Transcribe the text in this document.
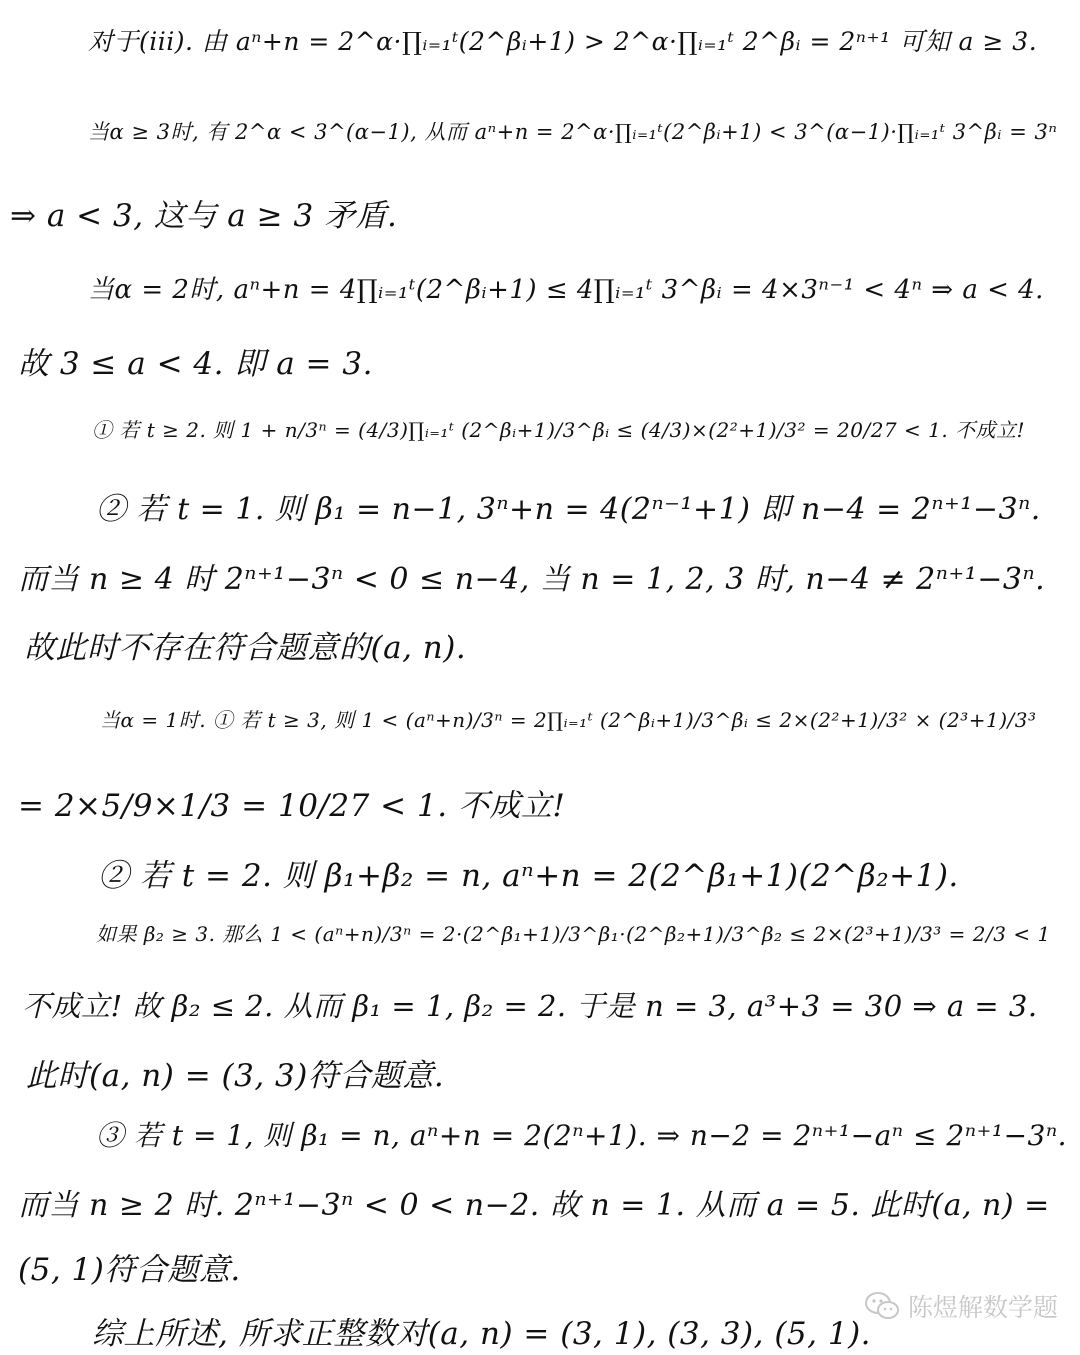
对于(iii). 由 aⁿ+n = 2^α·∏ᵢ₌₁ᵗ(2^βᵢ+1) > 2^α·∏ᵢ₌₁ᵗ 2^βᵢ = 2ⁿ⁺¹ 可知 a ≥ 3.
当α ≥ 3时, 有 2^α < 3^(α−1), 从而 aⁿ+n = 2^α·∏ᵢ₌₁ᵗ(2^βᵢ+1) < 3^(α−1)·∏ᵢ₌₁ᵗ 3^βᵢ = 3ⁿ
⇒ a < 3, 这与 a ≥ 3 矛盾.
当α = 2时, aⁿ+n = 4∏ᵢ₌₁ᵗ(2^βᵢ+1) ≤ 4∏ᵢ₌₁ᵗ 3^βᵢ = 4×3ⁿ⁻¹ < 4ⁿ ⇒ a < 4.
故 3 ≤ a < 4. 即 a = 3.
① 若 t ≥ 2. 则 1 + n/3ⁿ = (4/3)∏ᵢ₌₁ᵗ (2^βᵢ+1)/3^βᵢ ≤ (4/3)×(2²+1)/3² = 20/27 < 1. 不成立!
② 若 t = 1. 则 β₁ = n−1, 3ⁿ+n = 4(2ⁿ⁻¹+1) 即 n−4 = 2ⁿ⁺¹−3ⁿ.
而当 n ≥ 4 时 2ⁿ⁺¹−3ⁿ < 0 ≤ n−4, 当 n = 1, 2, 3 时, n−4 ≠ 2ⁿ⁺¹−3ⁿ.
故此时不存在符合题意的(a, n).
当α = 1时. ① 若 t ≥ 3, 则 1 < (aⁿ+n)/3ⁿ = 2∏ᵢ₌₁ᵗ (2^βᵢ+1)/3^βᵢ ≤ 2×(2²+1)/3² × (2³+1)/3³
= 2×5/9×1/3 = 10/27 < 1. 不成立!
② 若 t = 2. 则 β₁+β₂ = n, aⁿ+n = 2(2^β₁+1)(2^β₂+1).
如果 β₂ ≥ 3. 那么 1 < (aⁿ+n)/3ⁿ = 2·(2^β₁+1)/3^β₁·(2^β₂+1)/3^β₂ ≤ 2×(2³+1)/3³ = 2/3 < 1
不成立! 故 β₂ ≤ 2. 从而 β₁ = 1, β₂ = 2. 于是 n = 3, a³+3 = 30 ⇒ a = 3.
此时(a, n) = (3, 3)符合题意.
③ 若 t = 1, 则 β₁ = n, aⁿ+n = 2(2ⁿ+1). ⇒ n−2 = 2ⁿ⁺¹−aⁿ ≤ 2ⁿ⁺¹−3ⁿ.
而当 n ≥ 2 时. 2ⁿ⁺¹−3ⁿ < 0 < n−2. 故 n = 1. 从而 a = 5. 此时(a, n) =
(5, 1)符合题意.
综上所述, 所求正整数对(a, n) = (3, 1), (3, 3), (5, 1).
陈煜解数学题
